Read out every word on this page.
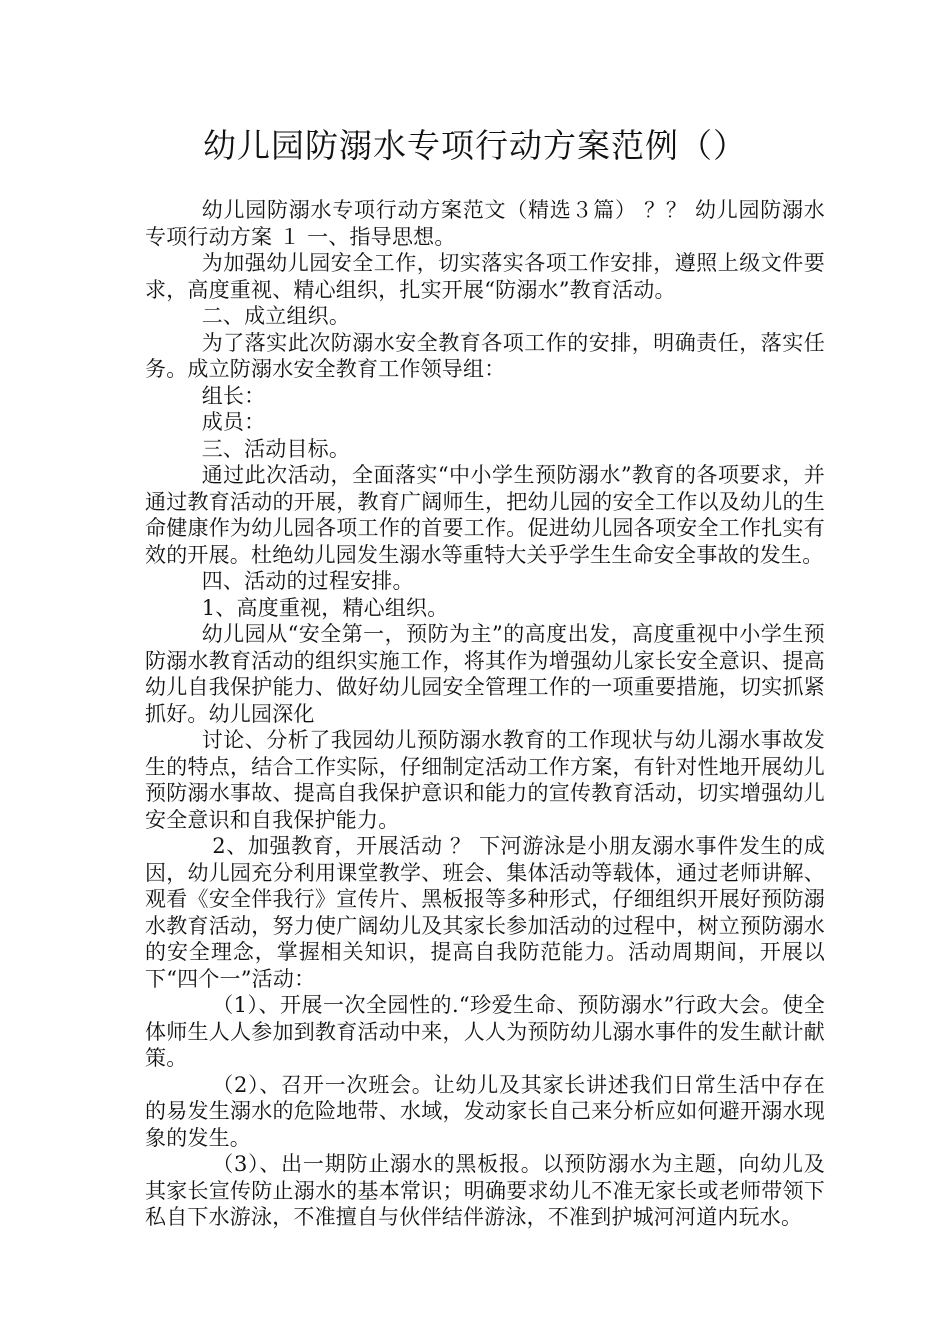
幼儿园防溺水专项行动方案范例（）

幼儿园防溺水专项行动方案范文（精选３篇） ？？ 幼儿园防溺水专项行动方案 １ 一、指导思想。

为加强幼儿园安全工作，切实落实各项工作安排，遵照上级文件要求，高度重视、精心组织，扎实开展“防溺水”教育活动。

二、成立组织。

为了落实此次防溺水安全教育各项工作的安排，明确责任，落实任务。成立防溺水安全教育工作领导组：

组长：

成员：

三、活动目标。

通过此次活动，全面落实“中小学生预防溺水”教育的各项要求，并通过教育活动的开展，教育广阔师生，把幼儿园的安全工作以及幼儿的生命健康作为幼儿园各项工作的首要工作。促进幼儿园各项安全工作扎实有效的开展。杜绝幼儿园发生溺水等重特大关乎学生生命安全事故的发生。

四、活动的过程安排。

1、高度重视，精心组织。

幼儿园从“安全第一，预防为主”的高度出发，高度重视中小学生预防溺水教育活动的组织实施工作，将其作为增强幼儿家长安全意识、提高幼儿自我保护能力、做好幼儿园安全管理工作的一项重要措施，切实抓紧抓好。幼儿园深化

讨论、分析了我园幼儿预防溺水教育的工作现状与幼儿溺水事故发生的特点，结合工作实际，仔细制定活动工作方案，有针对性地开展幼儿预防溺水事故、提高自我保护意识和能力的宣传教育活动，切实增强幼儿安全意识和自我保护能力。

2、加强教育，开展活动 ？ 下河游泳是小朋友溺水事件发生的成因，幼儿园充分利用课堂教学、班会、集体活动等载体，通过老师讲解、观看《安全伴我行》宣传片、黑板报等多种形式，仔细组织开展好预防溺水教育活动，努力使广阔幼儿及其家长参加活动的过程中，树立预防溺水的安全理念，掌握相关知识，提高自我防范能力。活动周期间，开展以下“四个一”活动：

（1）、开展一次全园性的.“珍爱生命、预防溺水”行政大会。使全体师生人人参加到教育活动中来，人人为预防幼儿溺水事件的发生献计献策。

（2）、召开一次班会。让幼儿及其家长讲述我们日常生活中存在的易发生溺水的危险地带、水域，发动家长自己来分析应如何避开溺水现象的发生。

（3）、出一期防止溺水的黑板报。以预防溺水为主题，向幼儿及其家长宣传防止溺水的基本常识；明确要求幼儿不准无家长或老师带领下私自下水游泳，不准擅自与伙伴结伴游泳，不准到护城河河道内玩水。
